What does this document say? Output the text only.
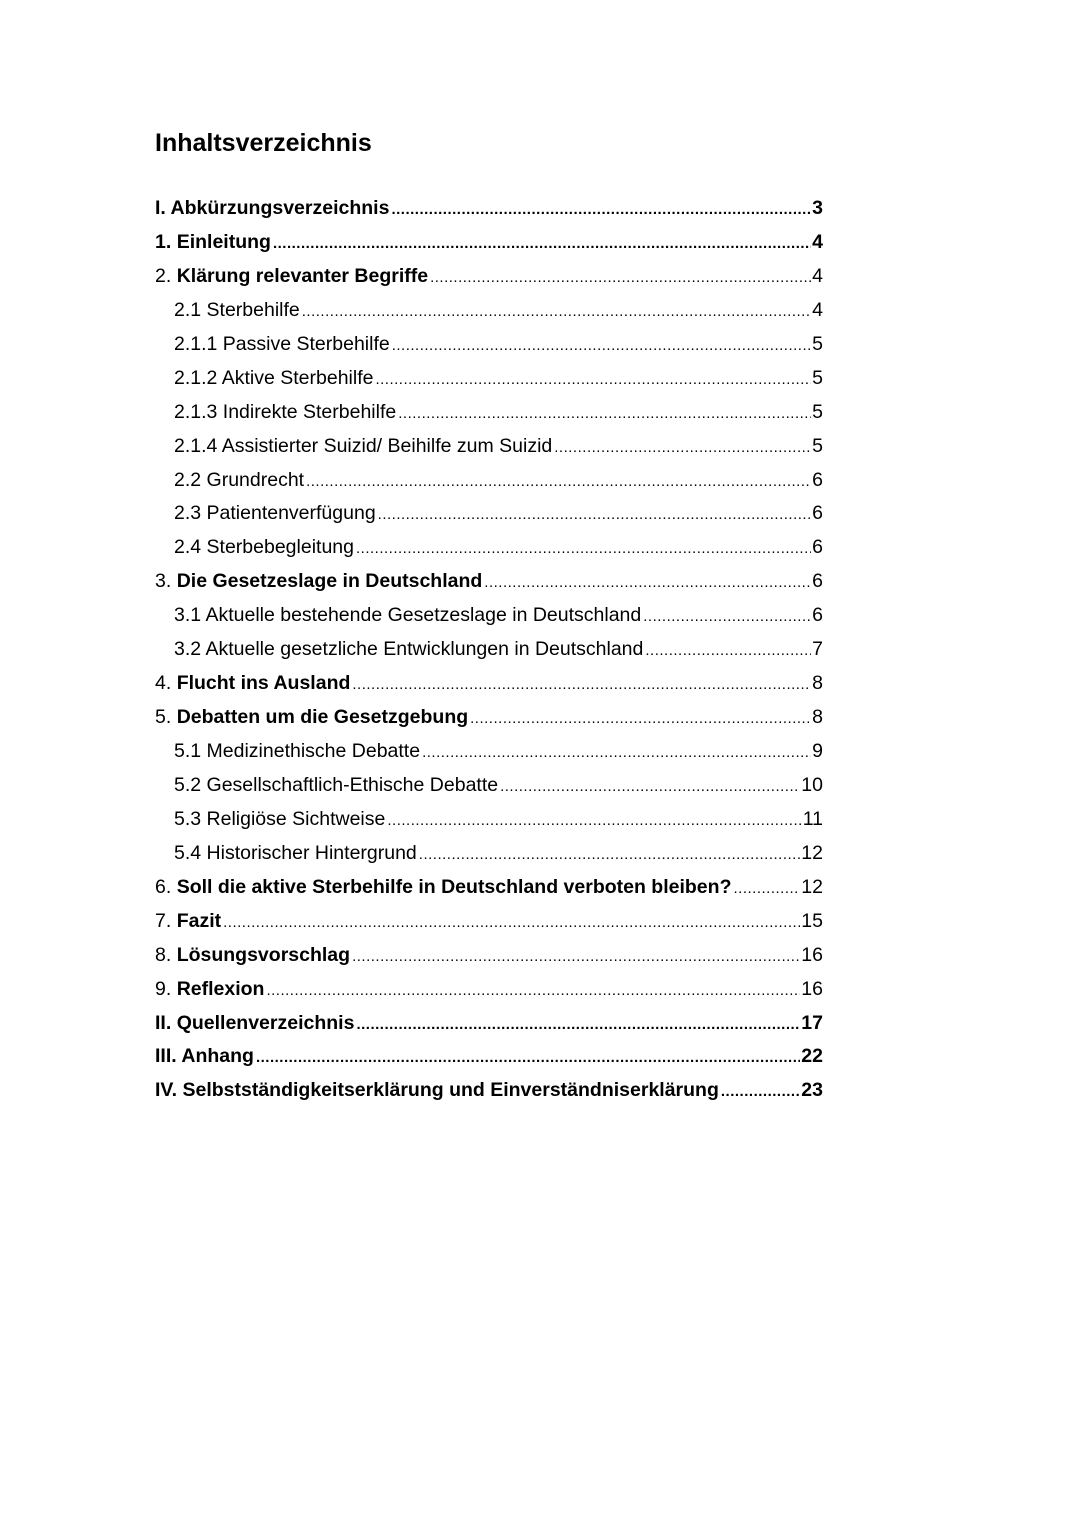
Inhaltsverzeichnis
I. Abkürzungsverzeichnis .....	3
1. Einleitung .....	4
2. Klärung relevanter Begriffe .....	4
2.1 Sterbehilfe .....	4
2.1.1 Passive Sterbehilfe .....	5
2.1.2 Aktive Sterbehilfe .....	5
2.1.3 Indirekte Sterbehilfe .....	5
2.1.4 Assistierter Suizid/ Beihilfe zum Suizid .....	5
2.2 Grundrecht .....	6
2.3 Patientenverfügung .....	6
2.4 Sterbebegleitung .....	6
3. Die Gesetzeslage in Deutschland .....	6
3.1 Aktuelle bestehende Gesetzeslage in Deutschland .....	6
3.2 Aktuelle gesetzliche Entwicklungen in Deutschland .....	7
4. Flucht ins Ausland .....	8
5. Debatten um die Gesetzgebung .....	8
5.1 Medizinethische Debatte .....	9
5.2 Gesellschaftlich-Ethische Debatte .....	10
5.3 Religiöse Sichtweise .....	11
5.4 Historischer Hintergrund .....	12
6. Soll die aktive Sterbehilfe in Deutschland verboten bleiben? .....	12
7. Fazit .....	15
8. Lösungsvorschlag .....	16
9. Reflexion .....	16
II. Quellenverzeichnis .....	17
III. Anhang .....	22
IV. Selbstständigkeitserklärung und Einverständniserklärung .....	23
